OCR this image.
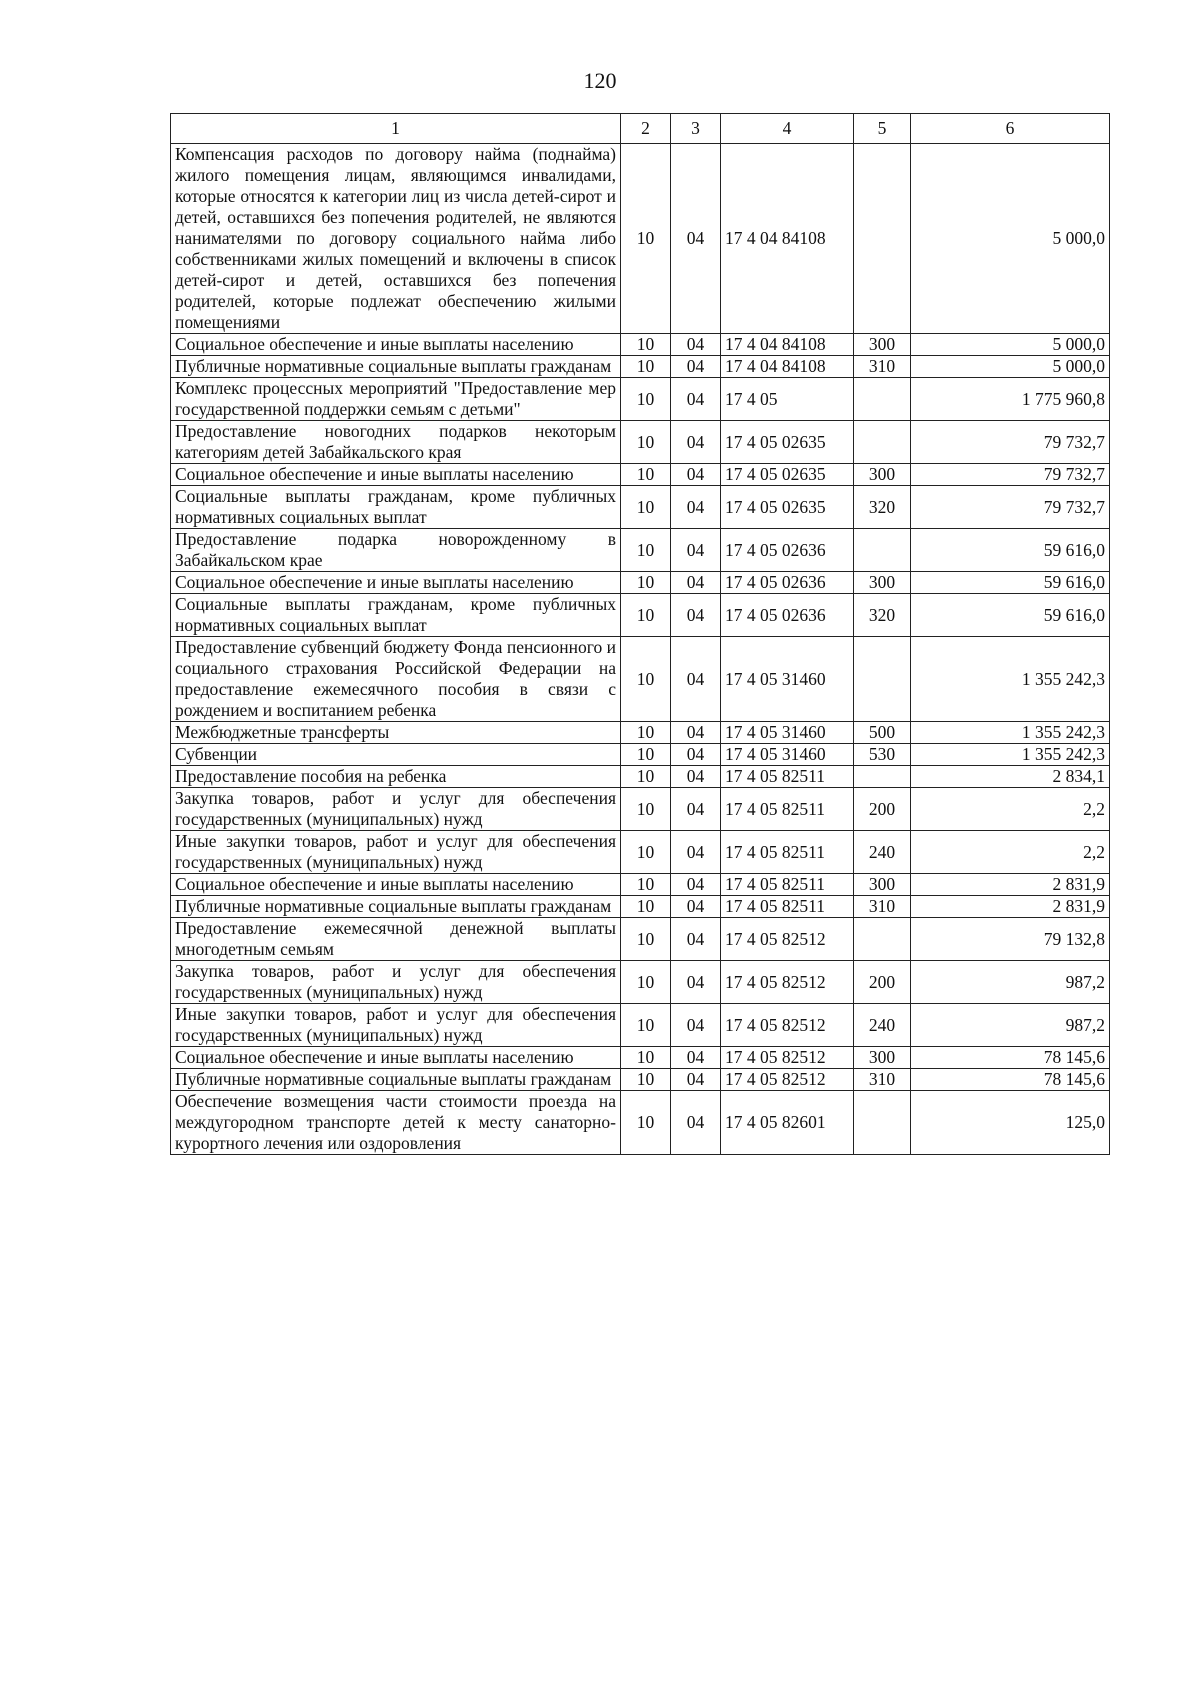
120
1	2	3	4	5	6
Компенсация расходов по договору найма (поднайма) жилого помещения лицам, являющимся инвалидами, которые относятся к категории лиц из числа детей-сирот и детей, оставшихся без попечения родителей, не являются нанимателями по договору социального найма либо собственниками жилых помещений и включены в список детей-сирот и детей, оставшихся без попечения родителей, которые подлежат обеспечению жилыми помещениями	10	04	17 4 04 84108		5 000,0
Социальное обеспечение и иные выплаты населению	10	04	17 4 04 84108	300	5 000,0
Публичные нормативные социальные выплаты гражданам	10	04	17 4 04 84108	310	5 000,0
Комплекс процессных мероприятий "Предоставление мер государственной поддержки семьям с детьми"	10	04	17 4 05		1 775 960,8
Предоставление новогодних подарков некоторым категориям детей Забайкальского края	10	04	17 4 05 02635		79 732,7
Социальное обеспечение и иные выплаты населению	10	04	17 4 05 02635	300	79 732,7
Социальные выплаты гражданам, кроме публичных нормативных социальных выплат	10	04	17 4 05 02635	320	79 732,7
Предоставление подарка новорожденному в Забайкальском крае	10	04	17 4 05 02636		59 616,0
Социальное обеспечение и иные выплаты населению	10	04	17 4 05 02636	300	59 616,0
Социальные выплаты гражданам, кроме публичных нормативных социальных выплат	10	04	17 4 05 02636	320	59 616,0
Предоставление субвенций бюджету Фонда пенсионного и социального страхования Российской Федерации на предоставление ежемесячного пособия в связи с рождением и воспитанием ребенка	10	04	17 4 05 31460		1 355 242,3
Межбюджетные трансферты	10	04	17 4 05 31460	500	1 355 242,3
Субвенции	10	04	17 4 05 31460	530	1 355 242,3
Предоставление пособия на ребенка	10	04	17 4 05 82511		2 834,1
Закупка товаров, работ и услуг для обеспечения государственных (муниципальных) нужд	10	04	17 4 05 82511	200	2,2
Иные закупки товаров, работ и услуг для обеспечения государственных (муниципальных) нужд	10	04	17 4 05 82511	240	2,2
Социальное обеспечение и иные выплаты населению	10	04	17 4 05 82511	300	2 831,9
Публичные нормативные социальные выплаты гражданам	10	04	17 4 05 82511	310	2 831,9
Предоставление ежемесячной денежной выплаты многодетным семьям	10	04	17 4 05 82512		79 132,8
Закупка товаров, работ и услуг для обеспечения государственных (муниципальных) нужд	10	04	17 4 05 82512	200	987,2
Иные закупки товаров, работ и услуг для обеспечения государственных (муниципальных) нужд	10	04	17 4 05 82512	240	987,2
Социальное обеспечение и иные выплаты населению	10	04	17 4 05 82512	300	78 145,6
Публичные нормативные социальные выплаты гражданам	10	04	17 4 05 82512	310	78 145,6
Обеспечение возмещения части стоимости проезда на междугородном транспорте детей к месту санаторно-курортного лечения или оздоровления	10	04	17 4 05 82601		125,0
